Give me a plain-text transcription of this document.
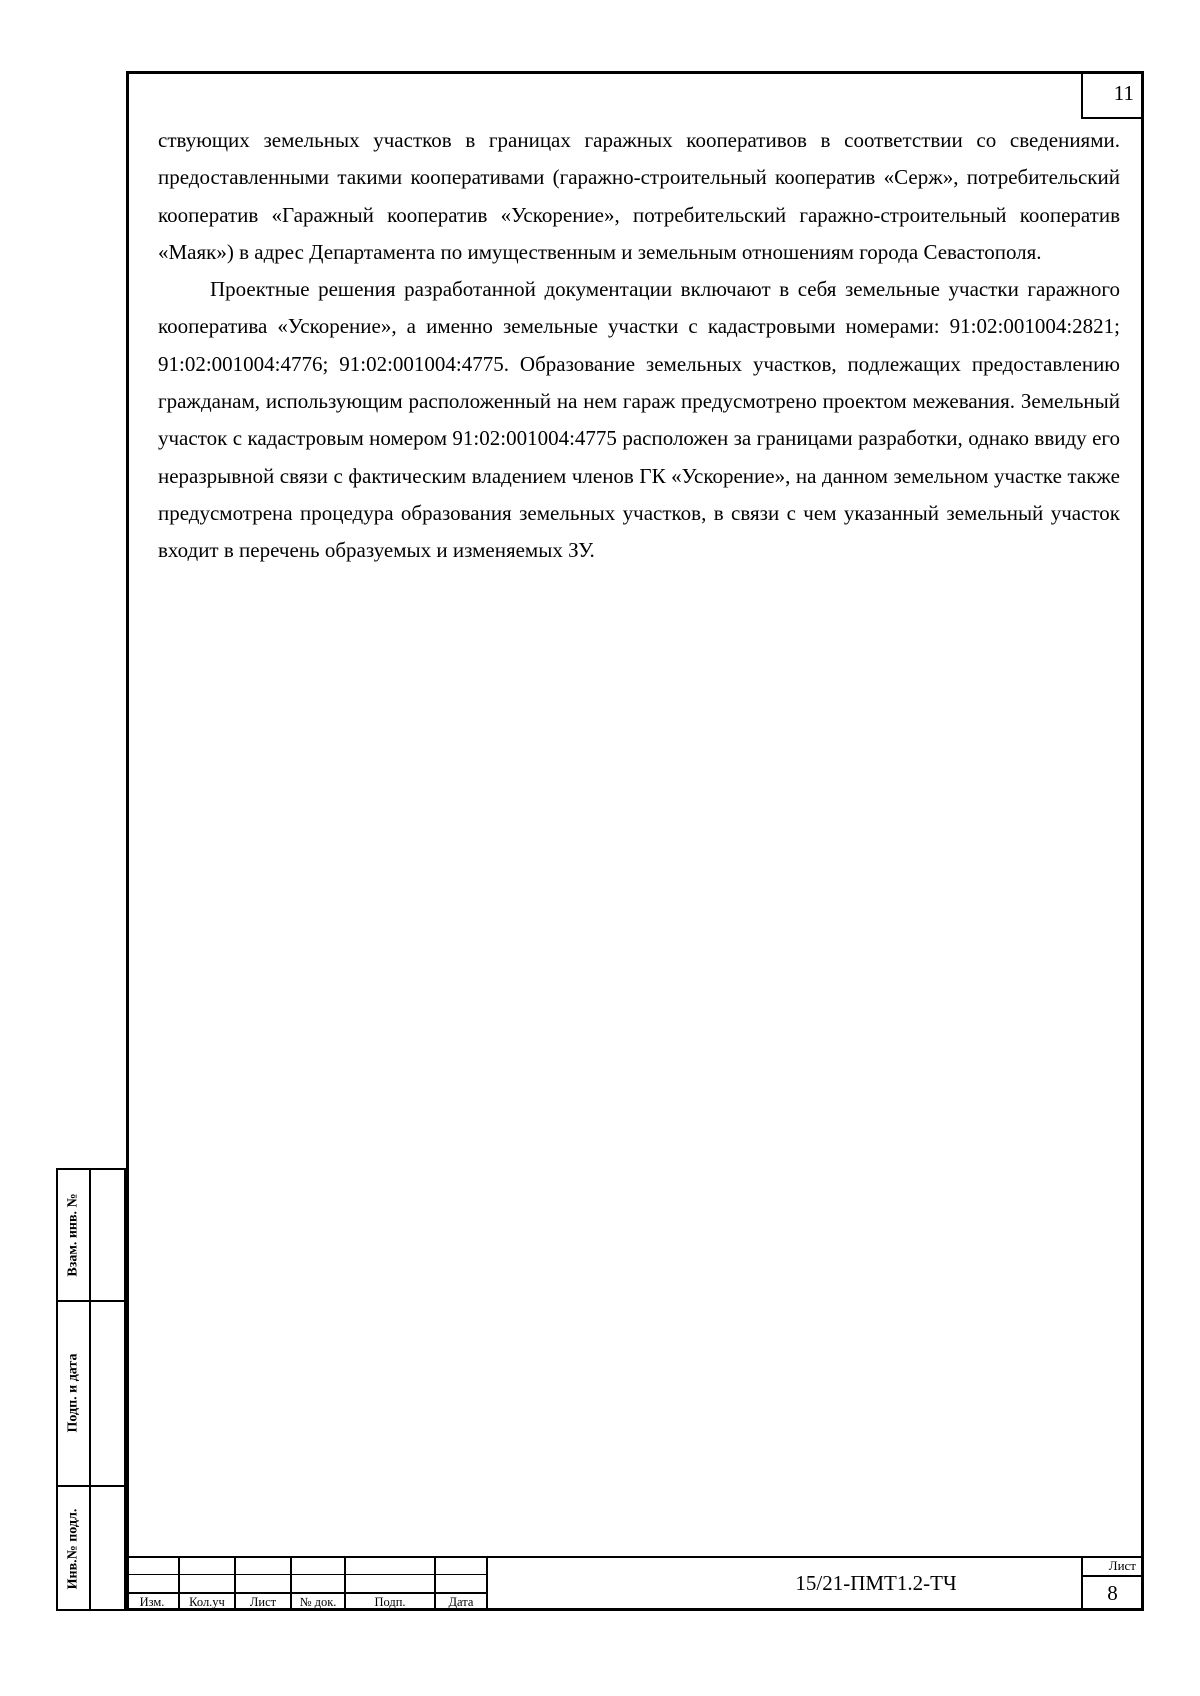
11

ствующих земельных участков в границах гаражных кооперативов в соответствии со сведениями. предоставленными такими кооперативами (гаражно-строительный кооператив «Серж», потребительский кооператив «Гаражный кооператив «Ускорение», потребительский гаражно-строительный кооператив «Маяк») в адрес Департамента по имущественным и земельным отношениям города Севастополя.

Проектные решения разработанной документации включают в себя земельные участки гаражного кооператива «Ускорение», а именно земельные участки с кадастровыми номерами: 91:02:001004:2821; 91:02:001004:4776; 91:02:001004:4775. Образование земельных участков, подлежащих предоставлению гражданам, использующим расположенный на нем гараж предусмотрено проектом межевания. Земельный участок с кадастровым номером 91:02:001004:4775 расположен за границами разработки, однако ввиду его неразрывной связи с фактическим владением членов ГК «Ускорение», на данном земельном участке также предусмотрена процедура образования земельных участков, в связи с чем указанный земельный участок входит в перечень образуемых и изменяемых ЗУ.

Взам. инв. №
Подп. и дата
Инв.№ подл.
Изм.	Кол.уч	Лист	№ док.	Подп.	Дата
15/21-ПМТ1.2-ТЧ
Лист
8
